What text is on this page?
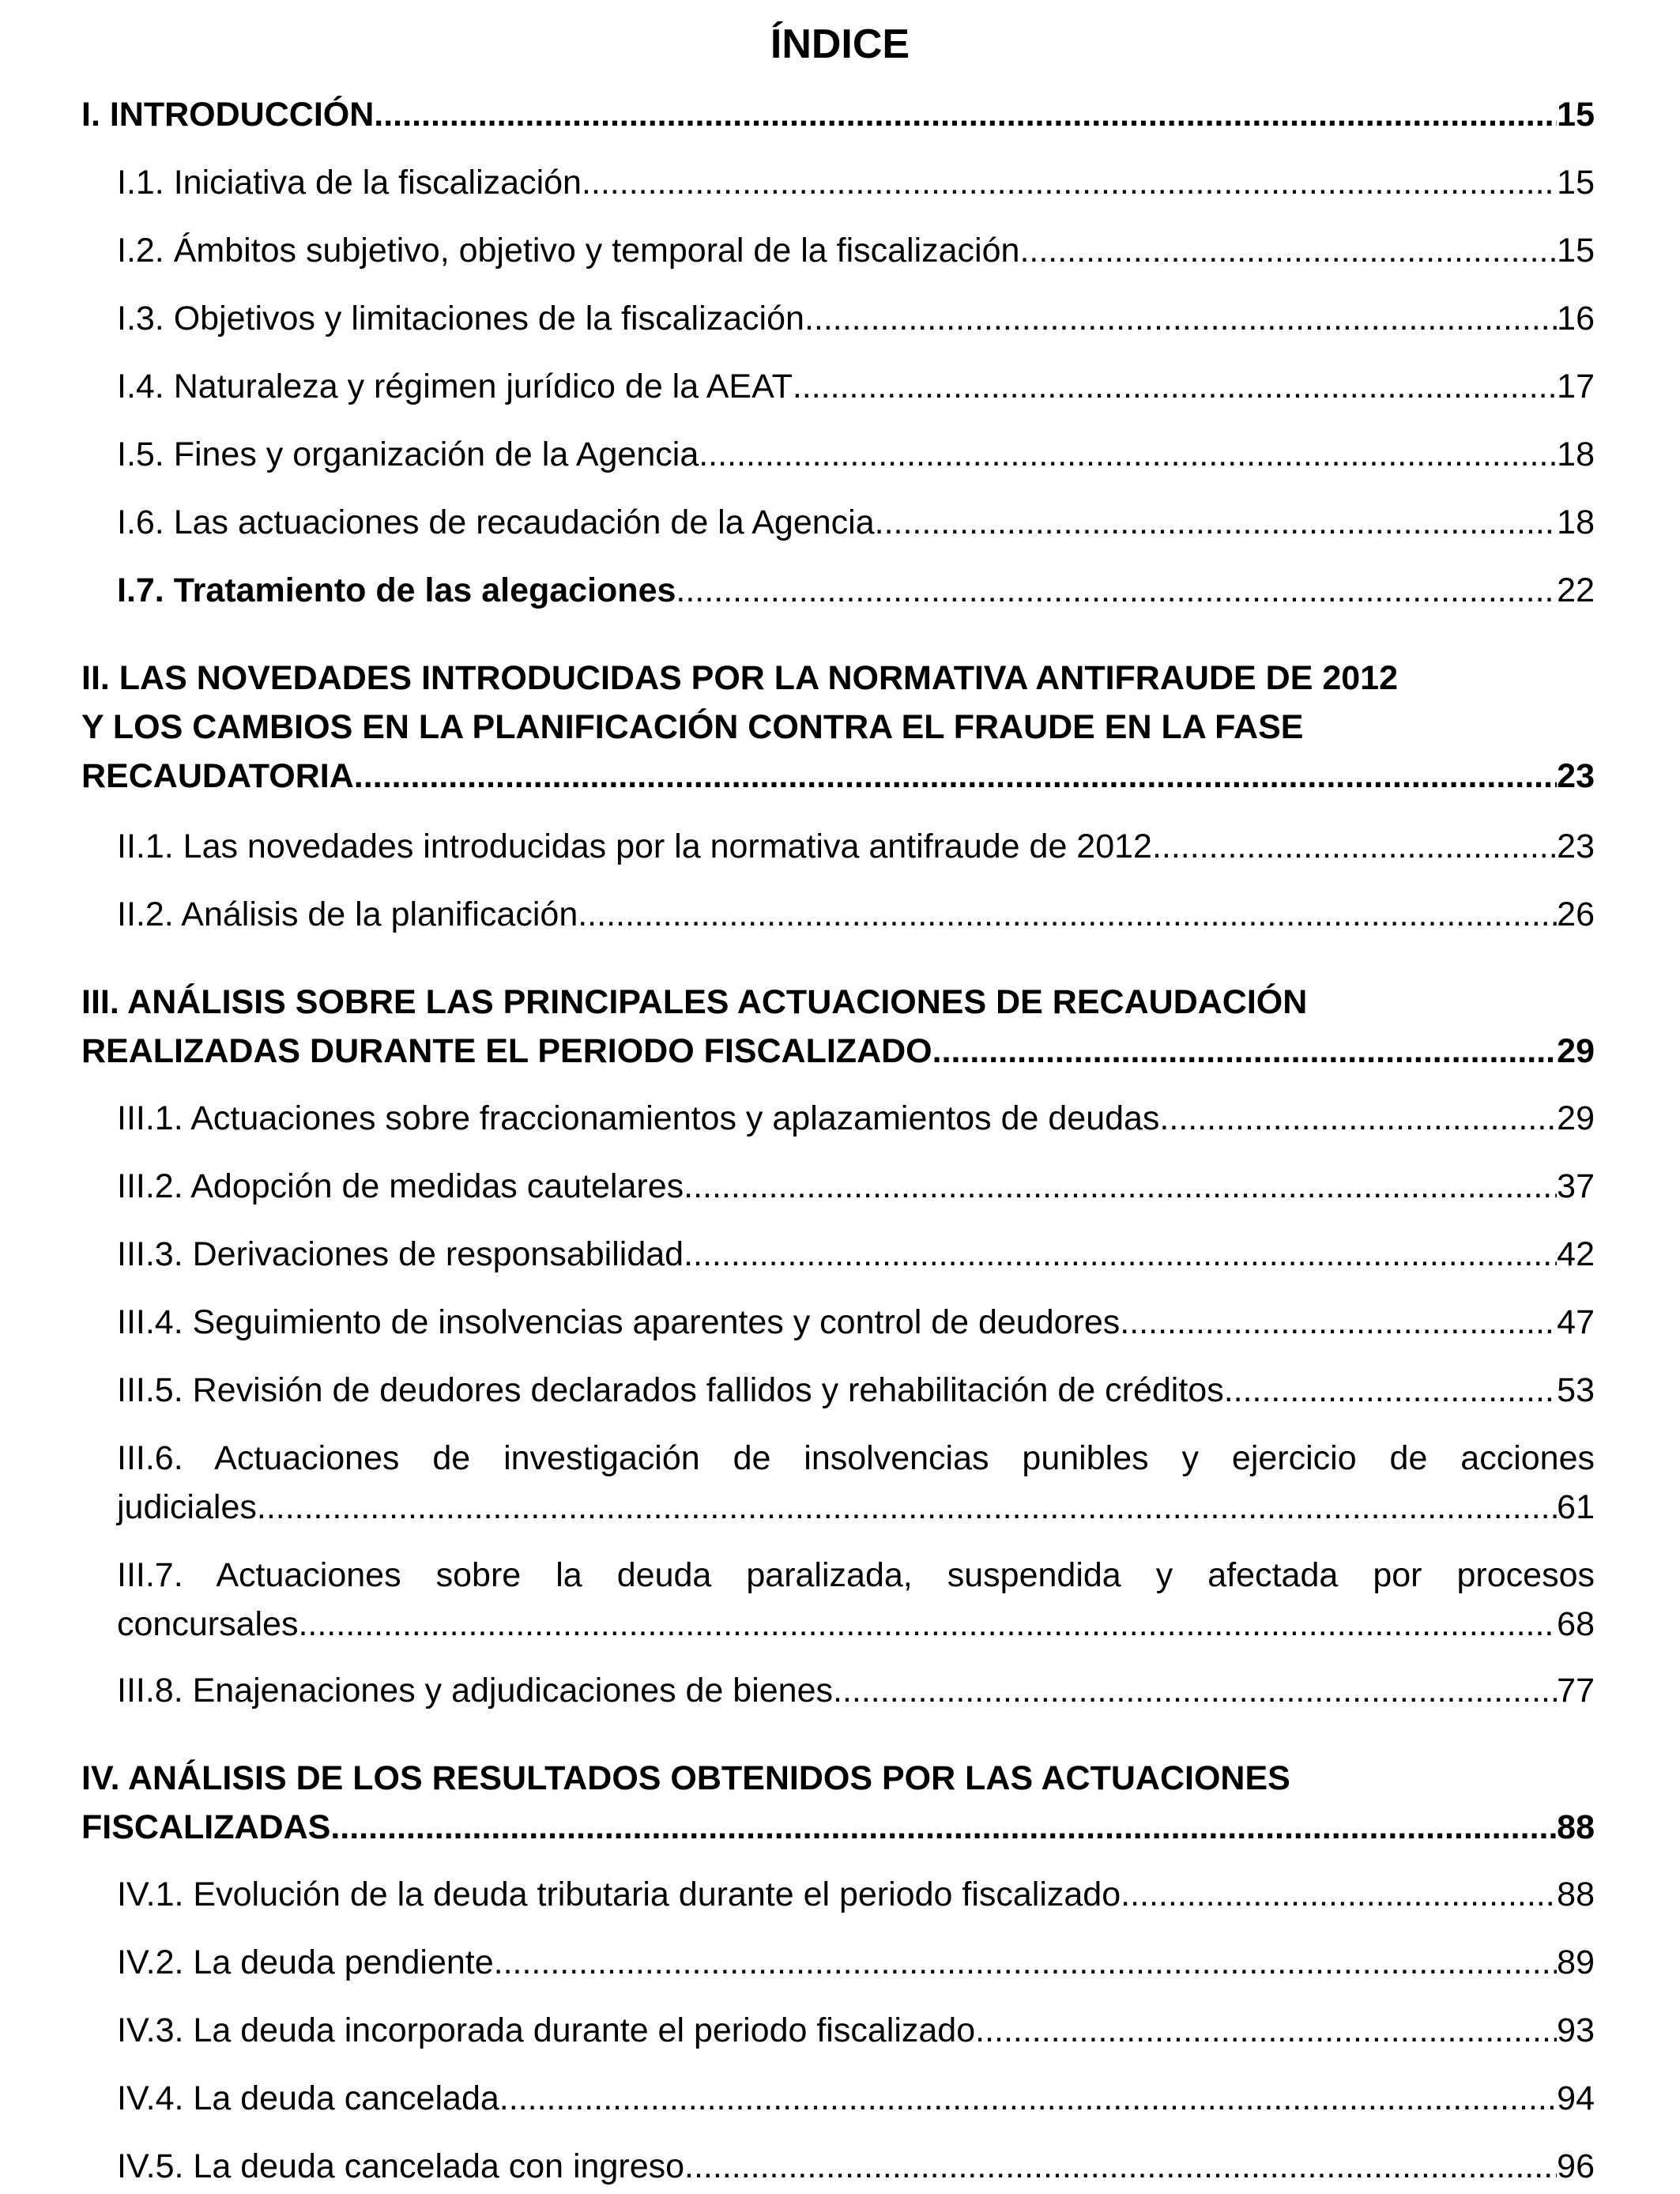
ÍNDICE
I. INTRODUCCIÓN .....	15
I.1. Iniciativa de la fiscalización .....	15
I.2. Ámbitos subjetivo, objetivo y temporal de la fiscalización .....	15
I.3. Objetivos y limitaciones de la fiscalización .....	16
I.4. Naturaleza y régimen jurídico de la AEAT .....	17
I.5. Fines y organización de la Agencia .....	18
I.6. Las actuaciones de recaudación de la Agencia .....	18
I.7. Tratamiento de las alegaciones .....	22
II. LAS NOVEDADES INTRODUCIDAS POR LA NORMATIVA ANTIFRAUDE DE 2012
Y LOS CAMBIOS EN LA PLANIFICACIÓN CONTRA EL FRAUDE EN LA FASE
RECAUDATORIA. .....	23
II.1. Las novedades introducidas por la normativa antifraude de 2012 .....	23
II.2. Análisis de la planificación .....	26
III. ANÁLISIS SOBRE LAS PRINCIPALES ACTUACIONES DE RECAUDACIÓN
REALIZADAS DURANTE EL PERIODO FISCALIZADO .....	29
III.1. Actuaciones sobre fraccionamientos y aplazamientos de deudas. .....	29
III.2. Adopción de medidas cautelares. .....	37
III.3. Derivaciones de responsabilidad. .....	42
III.4. Seguimiento de insolvencias aparentes y control de deudores. .....	47
III.5. Revisión de deudores declarados fallidos y rehabilitación de créditos. .....	53
III.6. Actuaciones de investigación de insolvencias punibles y ejercicio de acciones
judiciales. .....	61
III.7. Actuaciones sobre la deuda paralizada, suspendida y afectada por procesos
concursales. .....	68
III.8. Enajenaciones y adjudicaciones de bienes .....	77
IV. ANÁLISIS DE LOS RESULTADOS OBTENIDOS POR LAS ACTUACIONES
FISCALIZADAS. .....	88
IV.1. Evolución de la deuda tributaria durante el periodo fiscalizado .....	88
IV.2. La deuda pendiente .....	89
IV.3. La deuda incorporada durante el periodo fiscalizado. .....	93
IV.4. La deuda cancelada .....	94
IV.5. La deuda cancelada con ingreso .....	96
